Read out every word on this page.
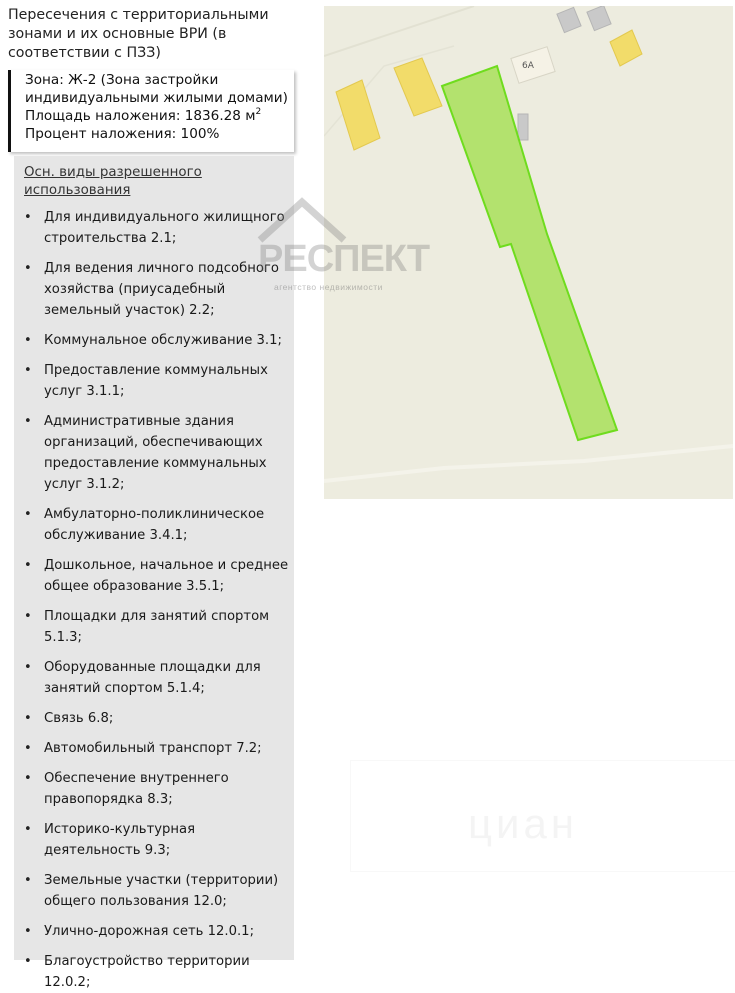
Пересечения с территориальными зонами и их основные ВРИ (в соответствии с ПЗЗ)
Зона: Ж-2 (Зона застройки
индивидуальными жилыми домами)
Площадь наложения: 1836.28 $м^2$
Процент наложения: 100%
Осн. виды разрешенного использования
• Для индивидуального жилищного строительства 2.1;
• Для ведения личного подсобного хозяйства (приусадебный земельный участок) 2.2;
• Коммунальное обслуживание 3.1;
• Предоставление коммунальных услуг 3.1.1;
• Административные здания организаций, обеспечивающих предоставление коммунальных услуг 3.1.2;
• Амбулаторно-поликлиническое обслуживание 3.4.1;
• Дошкольное, начальное и среднее общее образование 3.5.1;
• Площадки для занятий спортом 5.1.3;
• Оборудованные площадки для занятий спортом 5.1.4;
• Связь 6.8;
• Автомобильный транспорт 7.2;
• Обеспечение внутреннего правопорядка 8.3;
• Историко-культурная деятельность 9.3;
• Земельные участки (территории) общего пользования 12.0;
• Улично-дорожная сеть 12.0.1;
• Благоустройство территории 12.0.2;
6А
РЕСПЕКТ
агентство недвижимости
циан
